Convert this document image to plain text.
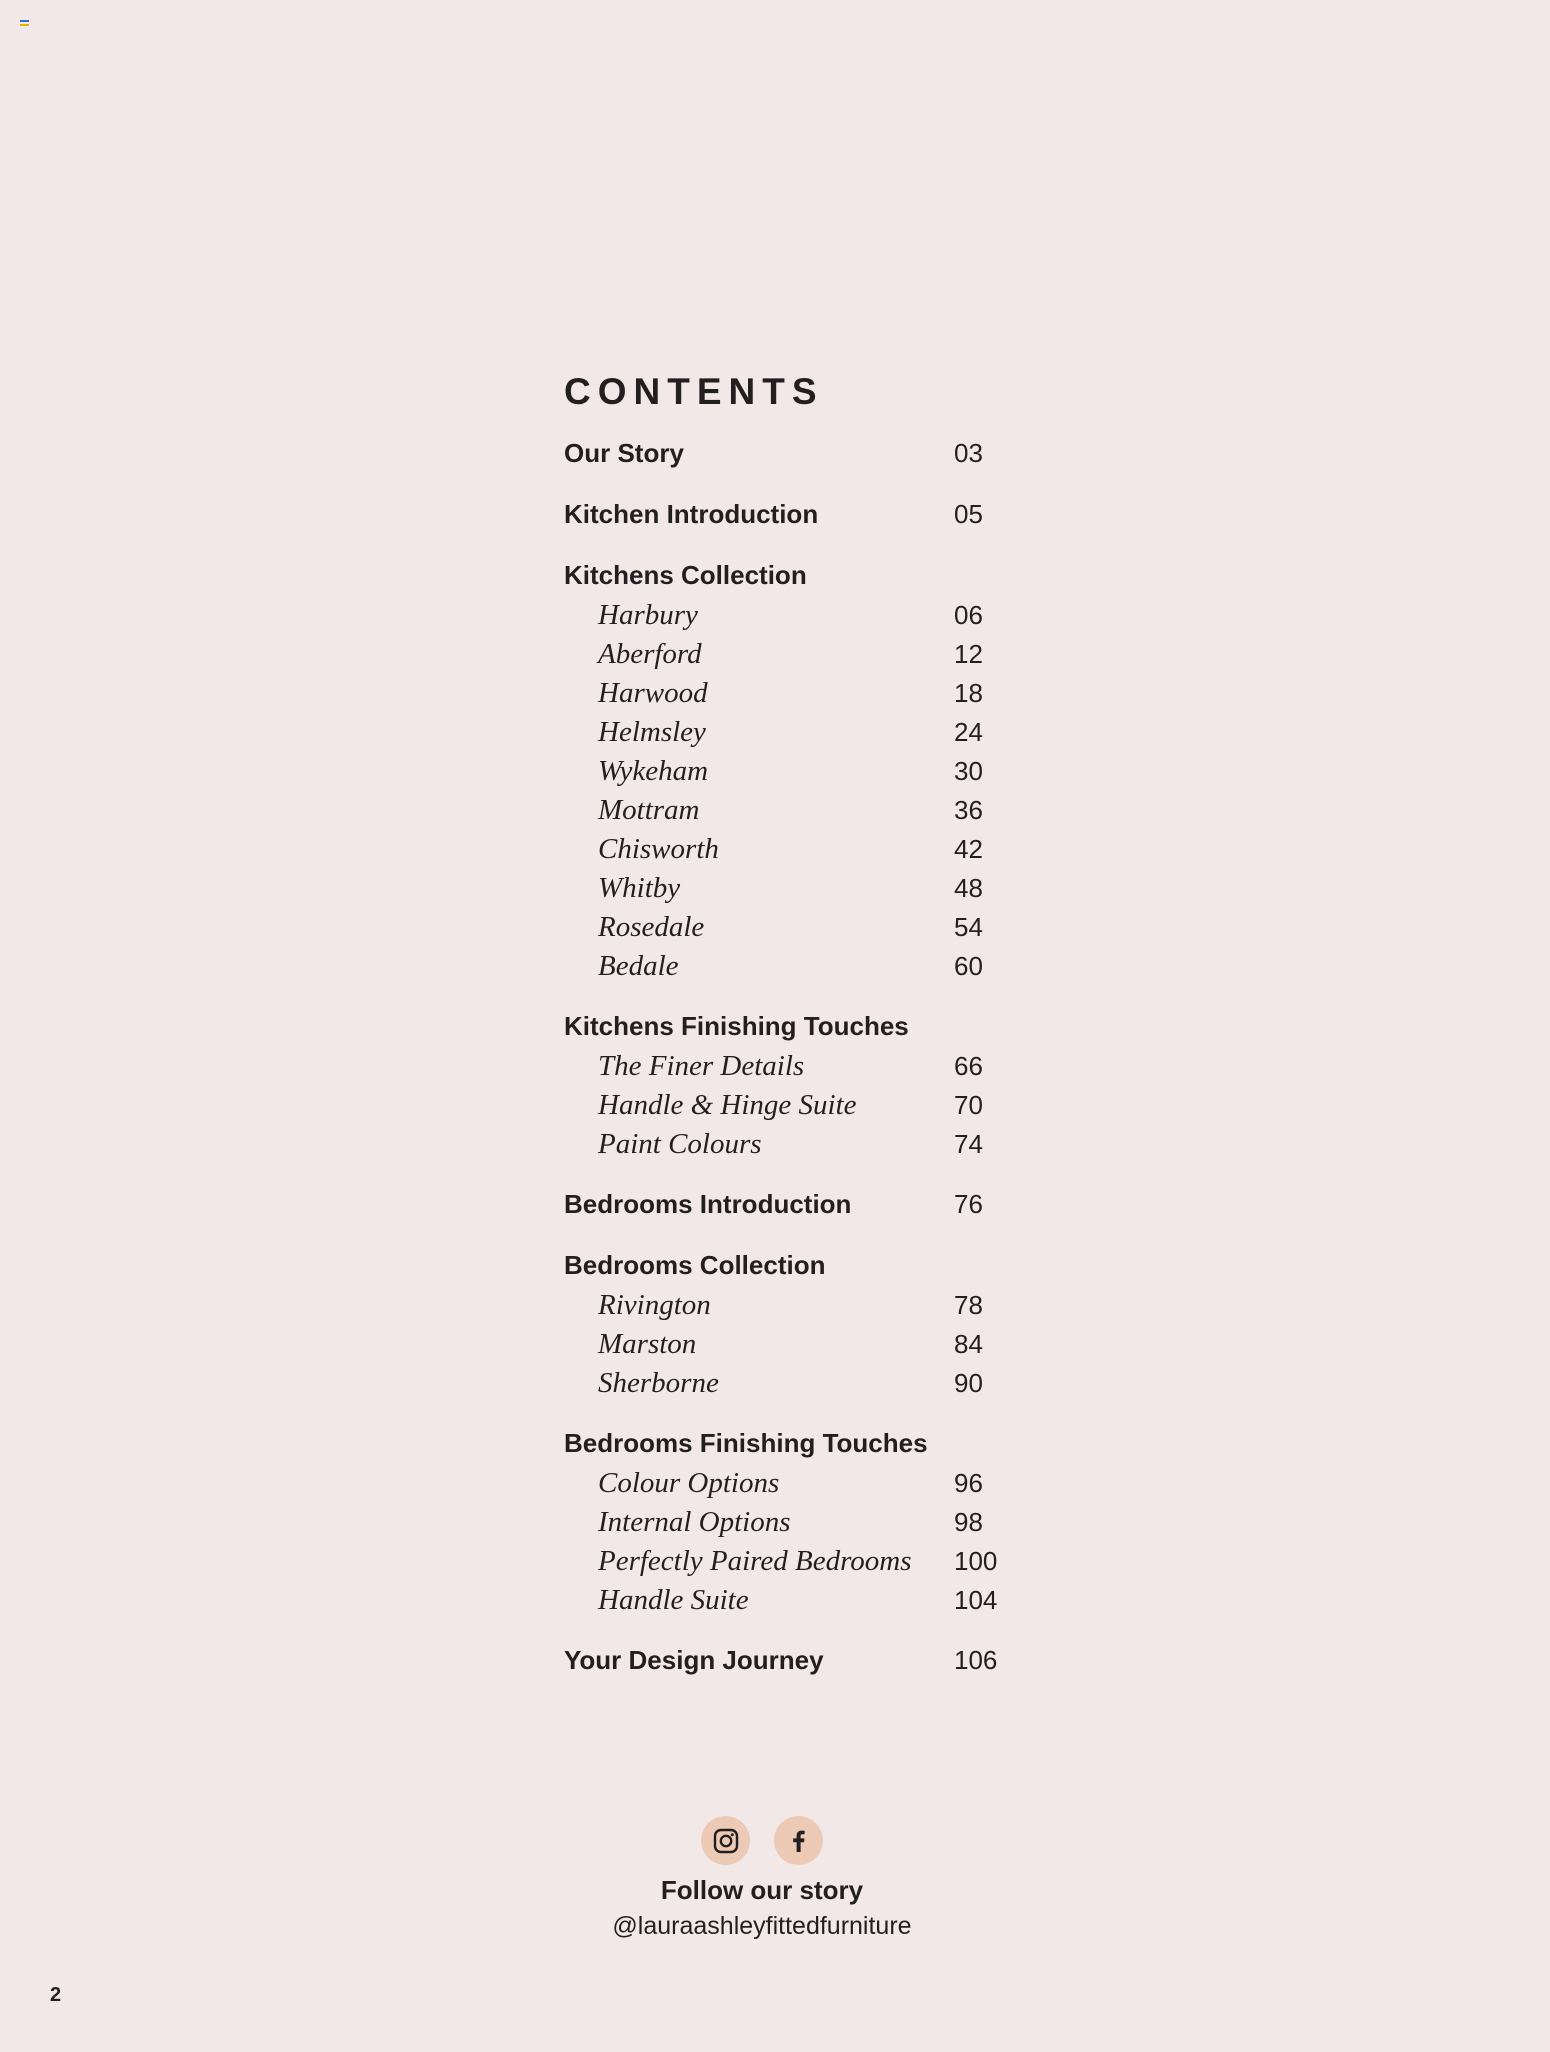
CONTENTS
Our Story	03
Kitchen Introduction	05
Kitchens Collection
Harbury	06
Aberford	12
Harwood	18
Helmsley	24
Wykeham	30
Mottram	36
Chisworth	42
Whitby	48
Rosedale	54
Bedale	60
Kitchens Finishing Touches
The Finer Details	66
Handle & Hinge Suite	70
Paint Colours	74
Bedrooms Introduction	76
Bedrooms Collection
Rivington	78
Marston	84
Sherborne	90
Bedrooms Finishing Touches
Colour Options	96
Internal Options	98
Perfectly Paired Bedrooms	100
Handle Suite	104
Your Design Journey	106
Follow our story
@lauraashleyfittedfurniture
2
